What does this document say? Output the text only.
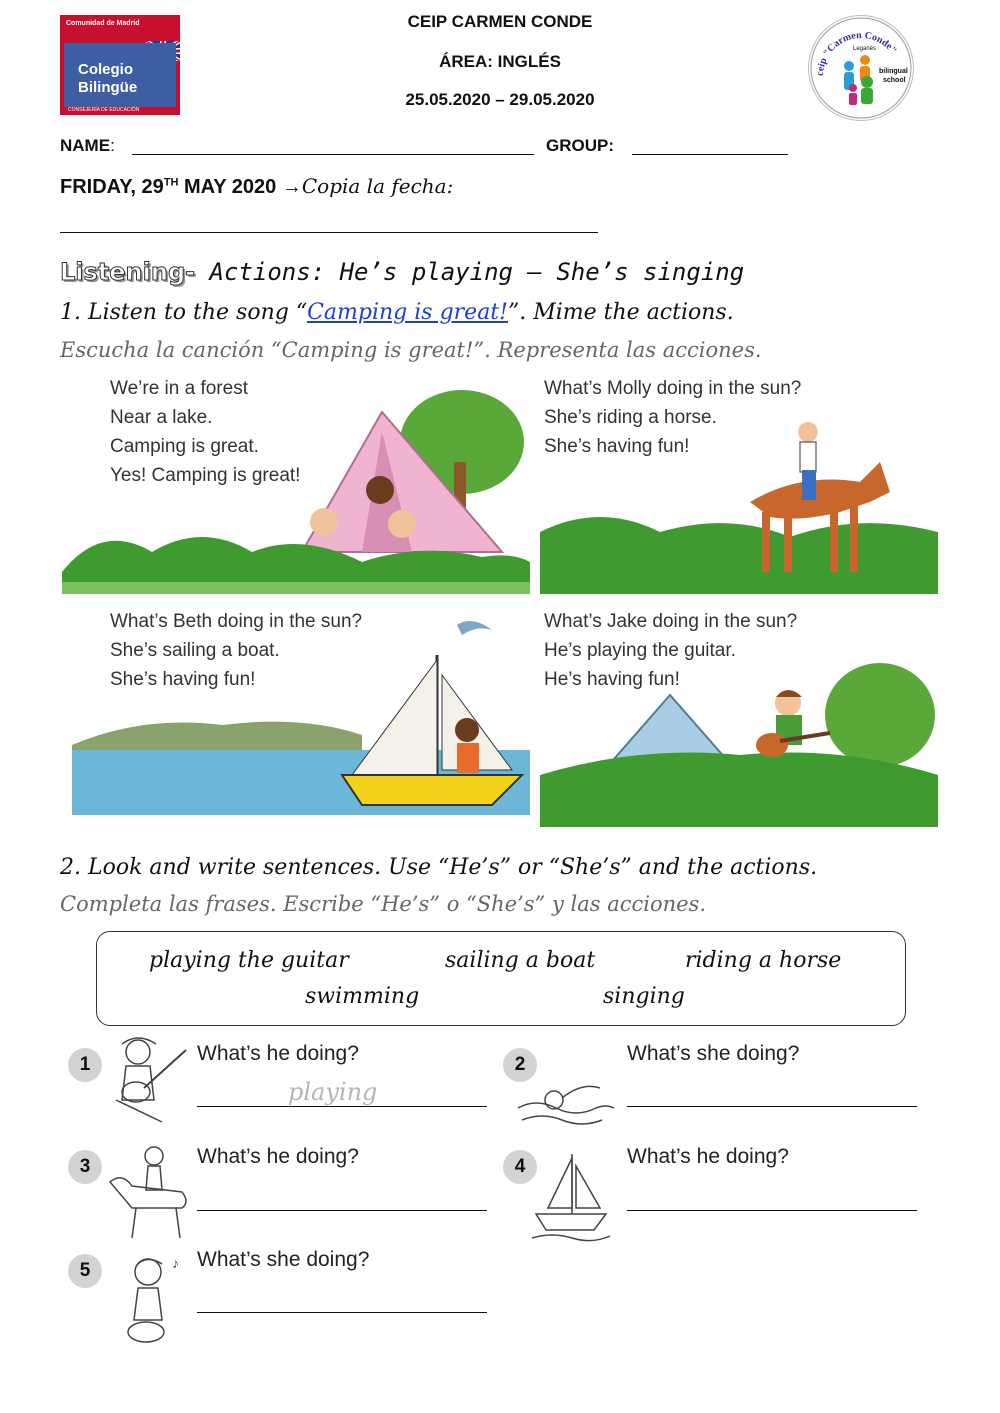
Comunidad de Madrid
Colegio
Bilingüe
CONSEJERÍA DE EDUCACIÓN
CEIP CARMEN CONDE
ÁREA: INGLÉS
25.05.2020 – 29.05.2020
ceip "Carmen Conde"
Leganés
bilingual
school
NAME:	GROUP:
FRIDAY, 29TH MAY 2020 →Copia la fecha:
Listening- Actions: He’s playing – She’s singing
1. Listen to the song “Camping is great!”. Mime the actions.
Escucha la canción “Camping is great!”. Representa las acciones.
We’re in a forest
Near a lake.
Camping is great.
Yes! Camping is great!
What’s Molly doing in the sun?
She’s riding a horse.
She’s having fun!
What’s Beth doing in the sun?
She’s sailing a boat.
She’s having fun!
What’s Jake doing in the sun?
He’s playing the guitar.
He’s having fun!
2. Look and write sentences. Use “He’s” or “She’s” and the actions.
Completa las frases. Escribe “He’s” o “She’s” y las acciones.
playing the guitar	sailing a boat	riding a horse
swimming	singing
1	What’s he doing?
playing
2	What’s she doing?
3	What’s he doing?	4	What’s he doing?
5	♪ What’s she doing?
